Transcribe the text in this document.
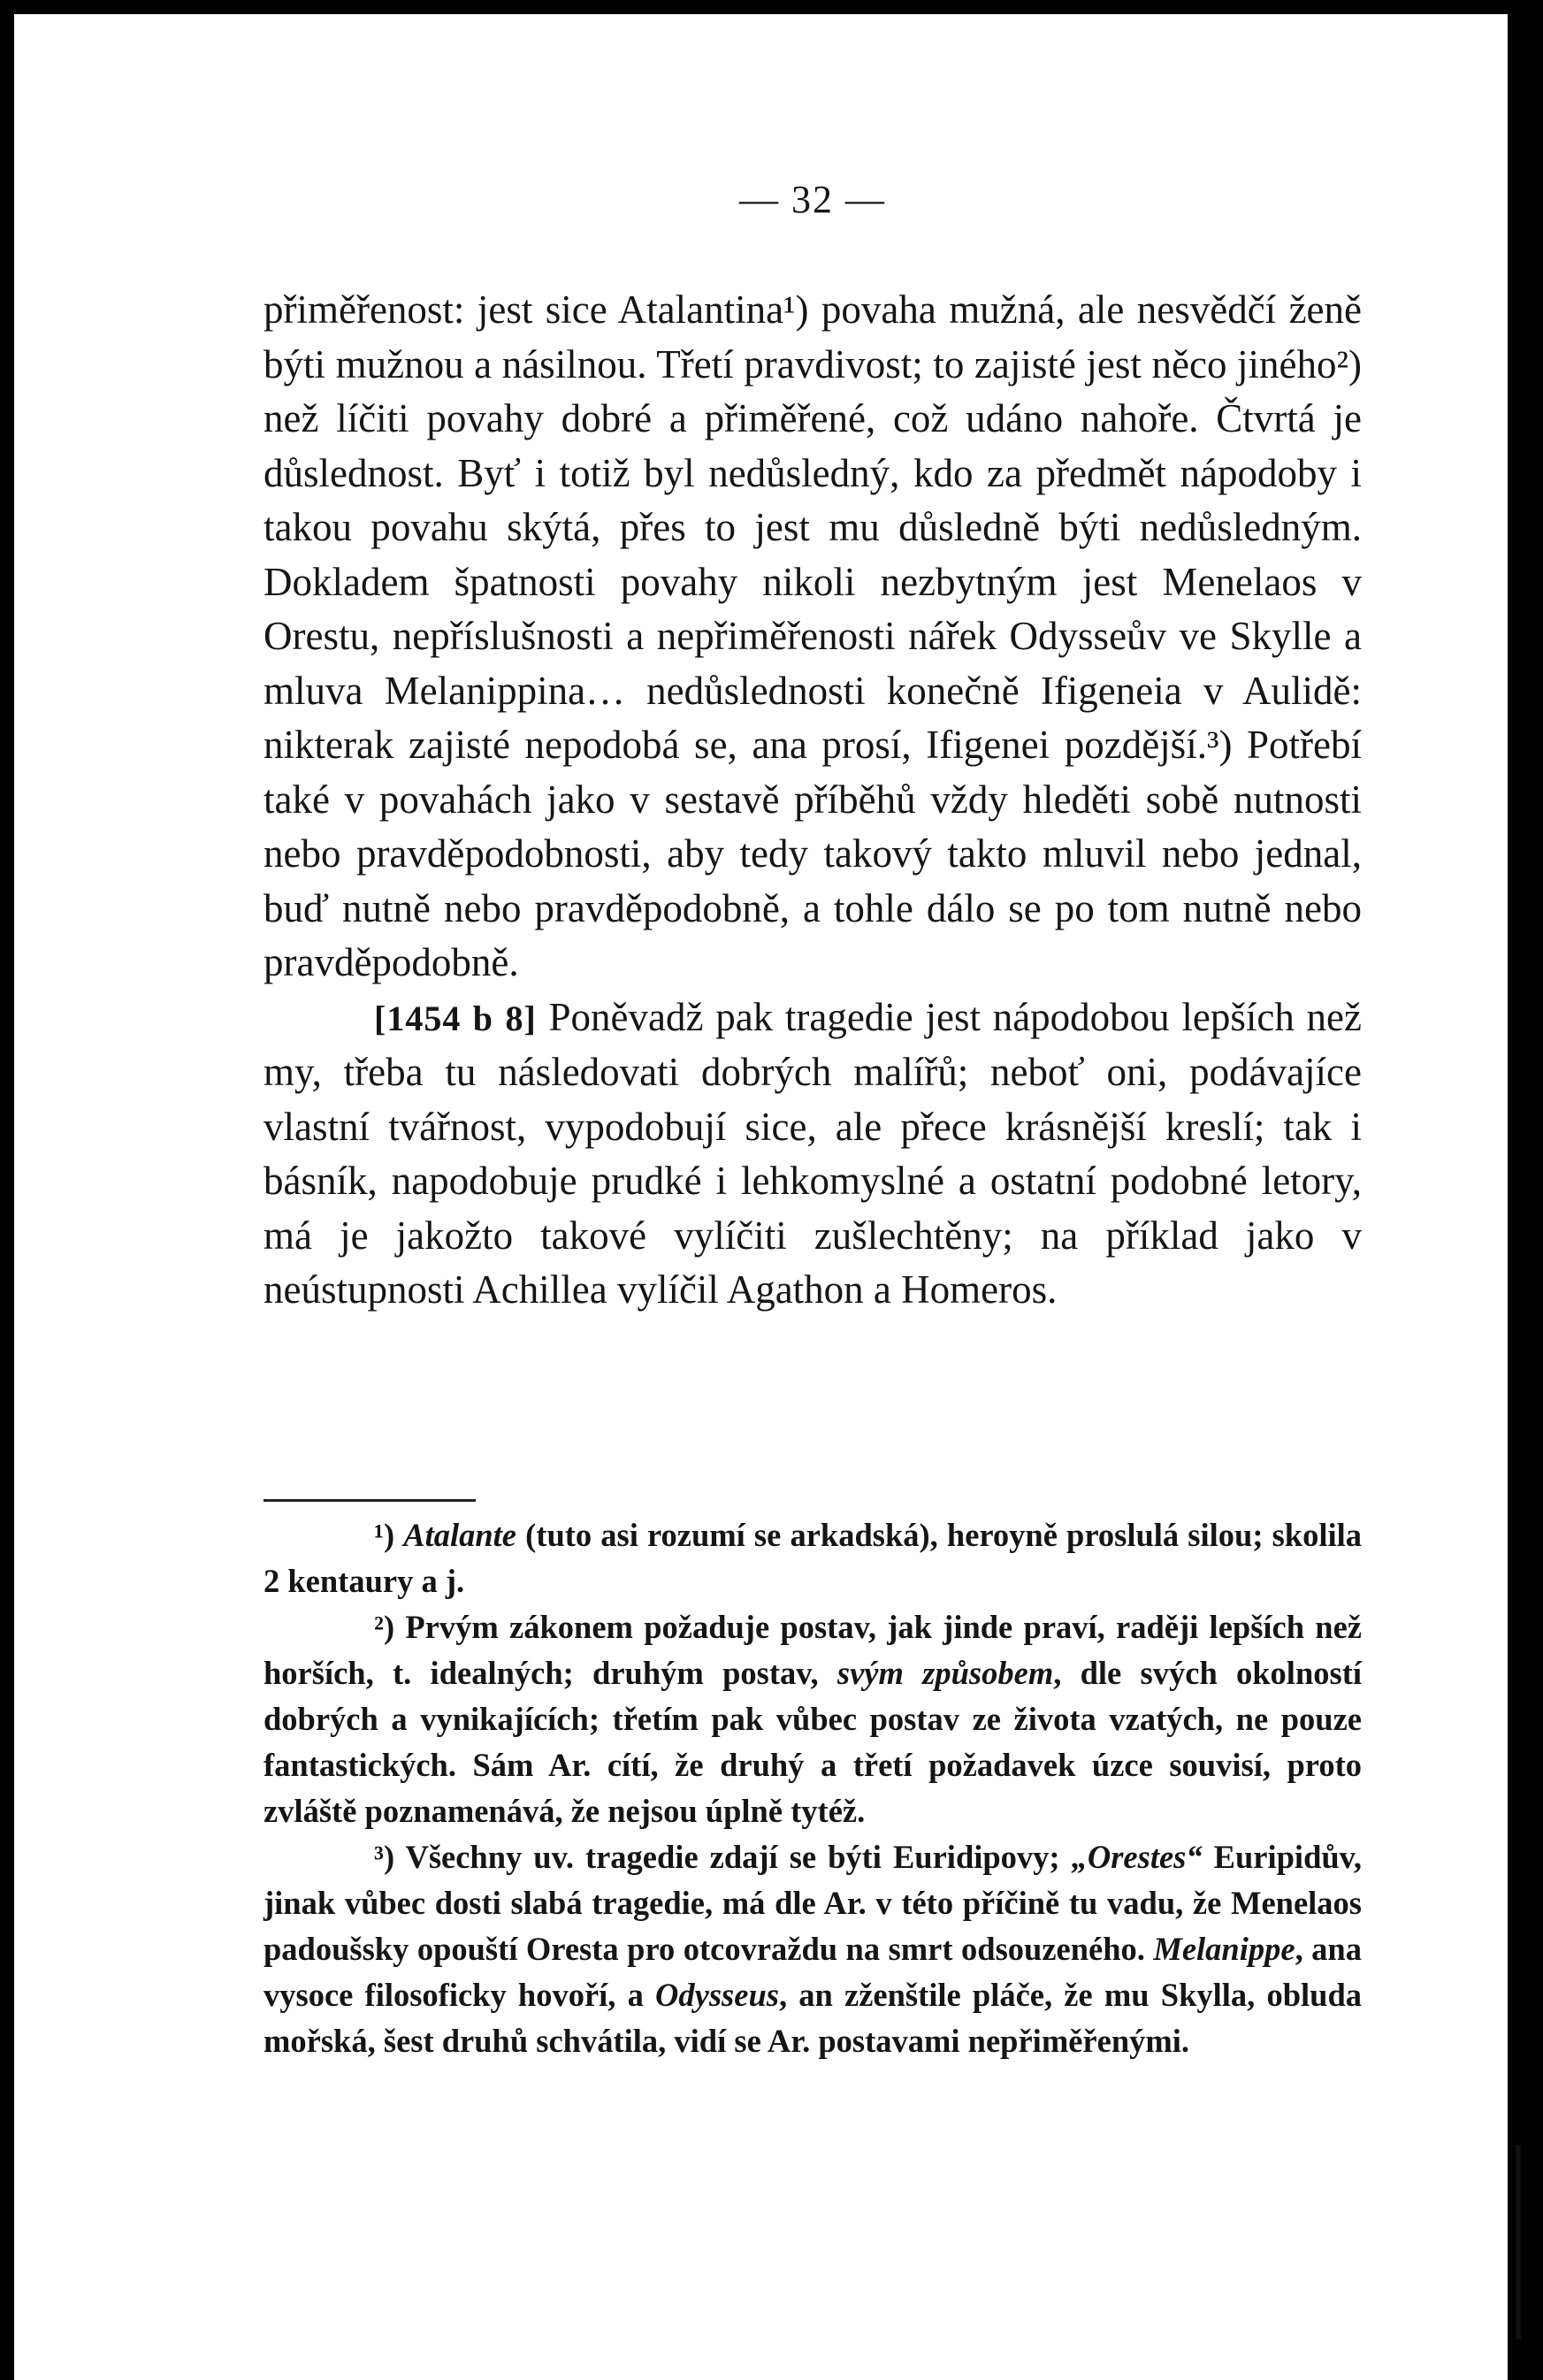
— 32 —

přiměřenost: jest sice Atalantina¹) povaha mužná, ale nesvědčí ženě býti mužnou a násilnou. Třetí pravdivost; to zajisté jest něco jiného²) než líčiti povahy dobré a přiměřené, což udáno nahoře. Čtvrtá je důslednost. Byť i totiž byl nedůsledný, kdo za předmět nápodoby i takou povahu skýtá, přes to jest mu důsledně býti nedůsledným. Dokladem špatnosti povahy nikoli nezbytným jest Menelaos v Orestu, nepříslušnosti a nepřiměřenosti nářek Odysseův ve Skylle a mluva Melanippina… nedůslednosti konečně Ifigeneia v Aulidě: nikterak zajisté nepodobá se, ana prosí, Ifigenei pozdější.³) Potřebí také v povahách jako v sestavě příběhů vždy hleděti sobě nutnosti nebo pravděpodobnosti, aby tedy takový takto mluvil nebo jednal, buď nutně nebo pravděpodobně, a tohle dálo se po tom nutně nebo pravděpodobně.

[1454 b 8] Poněvadž pak tragedie jest nápodobou lepších než my, třeba tu následovati dobrých malířů; neboť oni, podávajíce vlastní tvářnost, vypodobují sice, ale přece krásnější kreslí; tak i básník, napodobuje prudké i lehkomyslné a ostatní podobné letory, má je jakožto takové vylíčiti zušlechtěny; na příklad jako v neústupnosti Achillea vylíčil Agathon a Homeros.

¹) Atalante (tuto asi rozumí se arkadská), heroyně proslulá silou; skolila 2 kentaury a j.

²) Prvým zákonem požaduje postav, jak jinde praví, raději lepších než horších, t. idealných; druhým postav, svým způsobem, dle svých okolností dobrých a vynikajících; třetím pak vůbec postav ze života vzatých, ne pouze fantastických. Sám Ar. cítí, že druhý a třetí požadavek úzce souvisí, proto zvláště poznamenává, že nejsou úplně tytéž.

³) Všechny uv. tragedie zdají se býti Euridipovy; „Orestes“ Euripidův, jinak vůbec dosti slabá tragedie, má dle Ar. v této příčině tu vadu, že Menelaos padoušsky opouští Oresta pro otcovraždu na smrt odsouzeného. Melanippe, ana vysoce filosoficky hovoří, a Odysseus, an zženštile pláče, že mu Skylla, obluda mořská, šest druhů schvátila, vidí se Ar. postavami nepřiměřenými.
